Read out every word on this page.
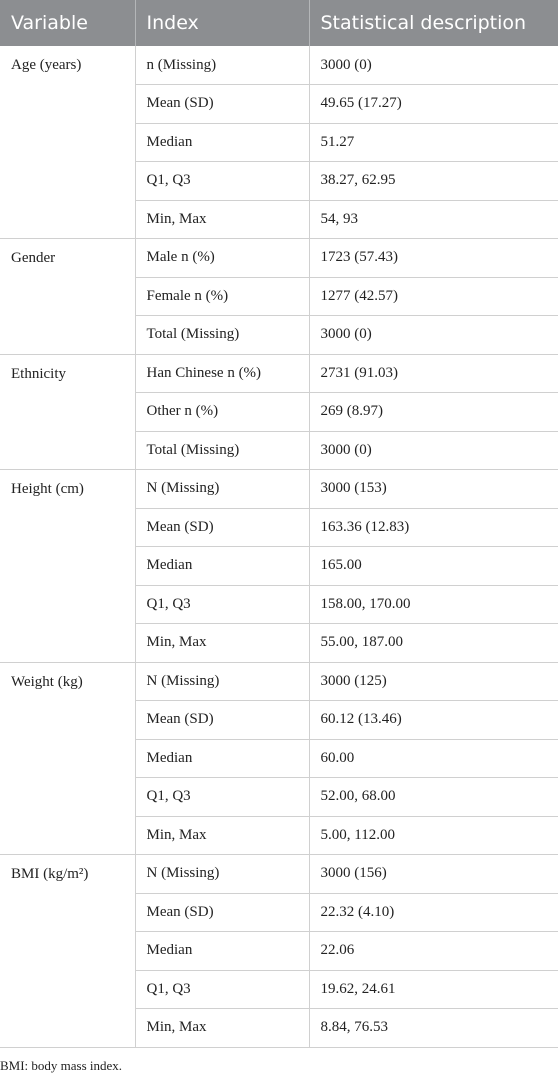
Variable	Index	Statistical description
Age (years)	n (Missing)	3000 (0)
	Mean (SD)	49.65 (17.27)
	Median	51.27
	Q1, Q3	38.27, 62.95
	Min, Max	54, 93
Gender	Male n (%)	1723 (57.43)
	Female n (%)	1277 (42.57)
	Total (Missing)	3000 (0)
Ethnicity	Han Chinese n (%)	2731 (91.03)
	Other n (%)	269 (8.97)
	Total (Missing)	3000 (0)
Height (cm)	N (Missing)	3000 (153)
	Mean (SD)	163.36 (12.83)
	Median	165.00
	Q1, Q3	158.00, 170.00
	Min, Max	55.00, 187.00
Weight (kg)	N (Missing)	3000 (125)
	Mean (SD)	60.12 (13.46)
	Median	60.00
	Q1, Q3	52.00, 68.00
	Min, Max	5.00, 112.00
BMI (kg/m²)	N (Missing)	3000 (156)
	Mean (SD)	22.32 (4.10)
	Median	22.06
	Q1, Q3	19.62, 24.61
	Min, Max	8.84, 76.53
BMI: body mass index.
